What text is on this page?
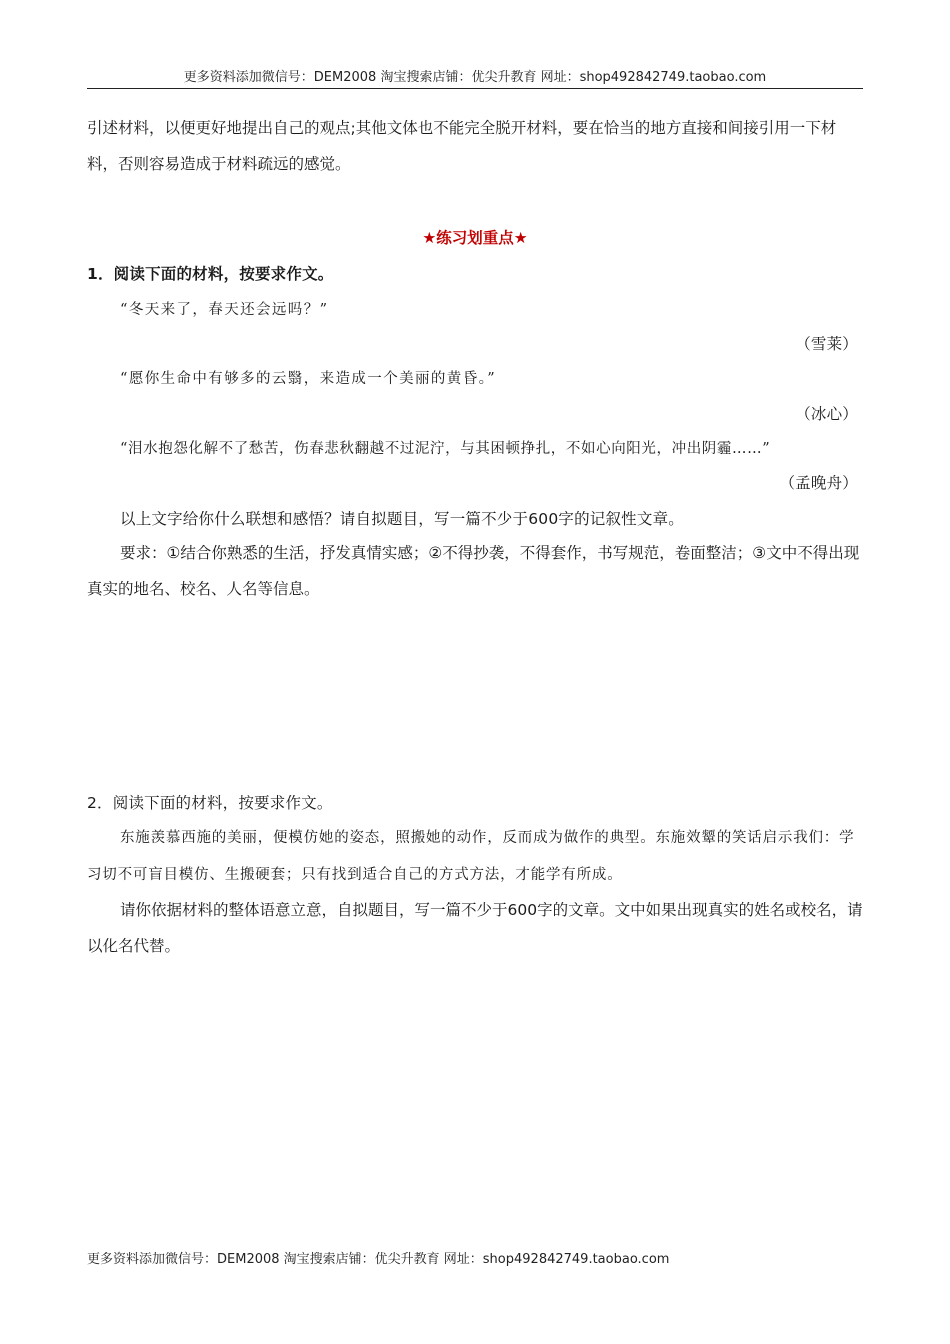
更多资料添加微信号：DEM2008 淘宝搜索店铺：优尖升教育 网址：shop492842749.taobao.com
引述材料，以便更好地提出自己的观点;其他文体也不能完全脱开材料，要在恰当的地方直接和间接引用一下材料，否则容易造成于材料疏远的感觉。
★练习划重点★
1．阅读下面的材料，按要求作文。
“冬天来了，春天还会远吗？”
（雪莱）
“愿你生命中有够多的云翳，来造成一个美丽的黄昏。”
（冰心）
“泪水抱怨化解不了愁苦，伤春悲秋翻越不过泥泞，与其困顿挣扎，不如心向阳光，冲出阴霾……”
（孟晚舟）
以上文字给你什么联想和感悟？请自拟题目，写一篇不少于600字的记叙性文章。
要求：①结合你熟悉的生活，抒发真情实感；②不得抄袭，不得套作，书写规范，卷面整洁；③文中不得出现真实的地名、校名、人名等信息。
2．阅读下面的材料，按要求作文。
东施羡慕西施的美丽，便模仿她的姿态，照搬她的动作，反而成为做作的典型。东施效颦的笑话启示我们：学习切不可盲目模仿、生搬硬套；只有找到适合自己的方式方法，才能学有所成。
请你依据材料的整体语意立意，自拟题目，写一篇不少于600字的文章。文中如果出现真实的姓名或校名，请以化名代替。
更多资料添加微信号：DEM2008 淘宝搜索店铺：优尖升教育 网址：shop492842749.taobao.com
